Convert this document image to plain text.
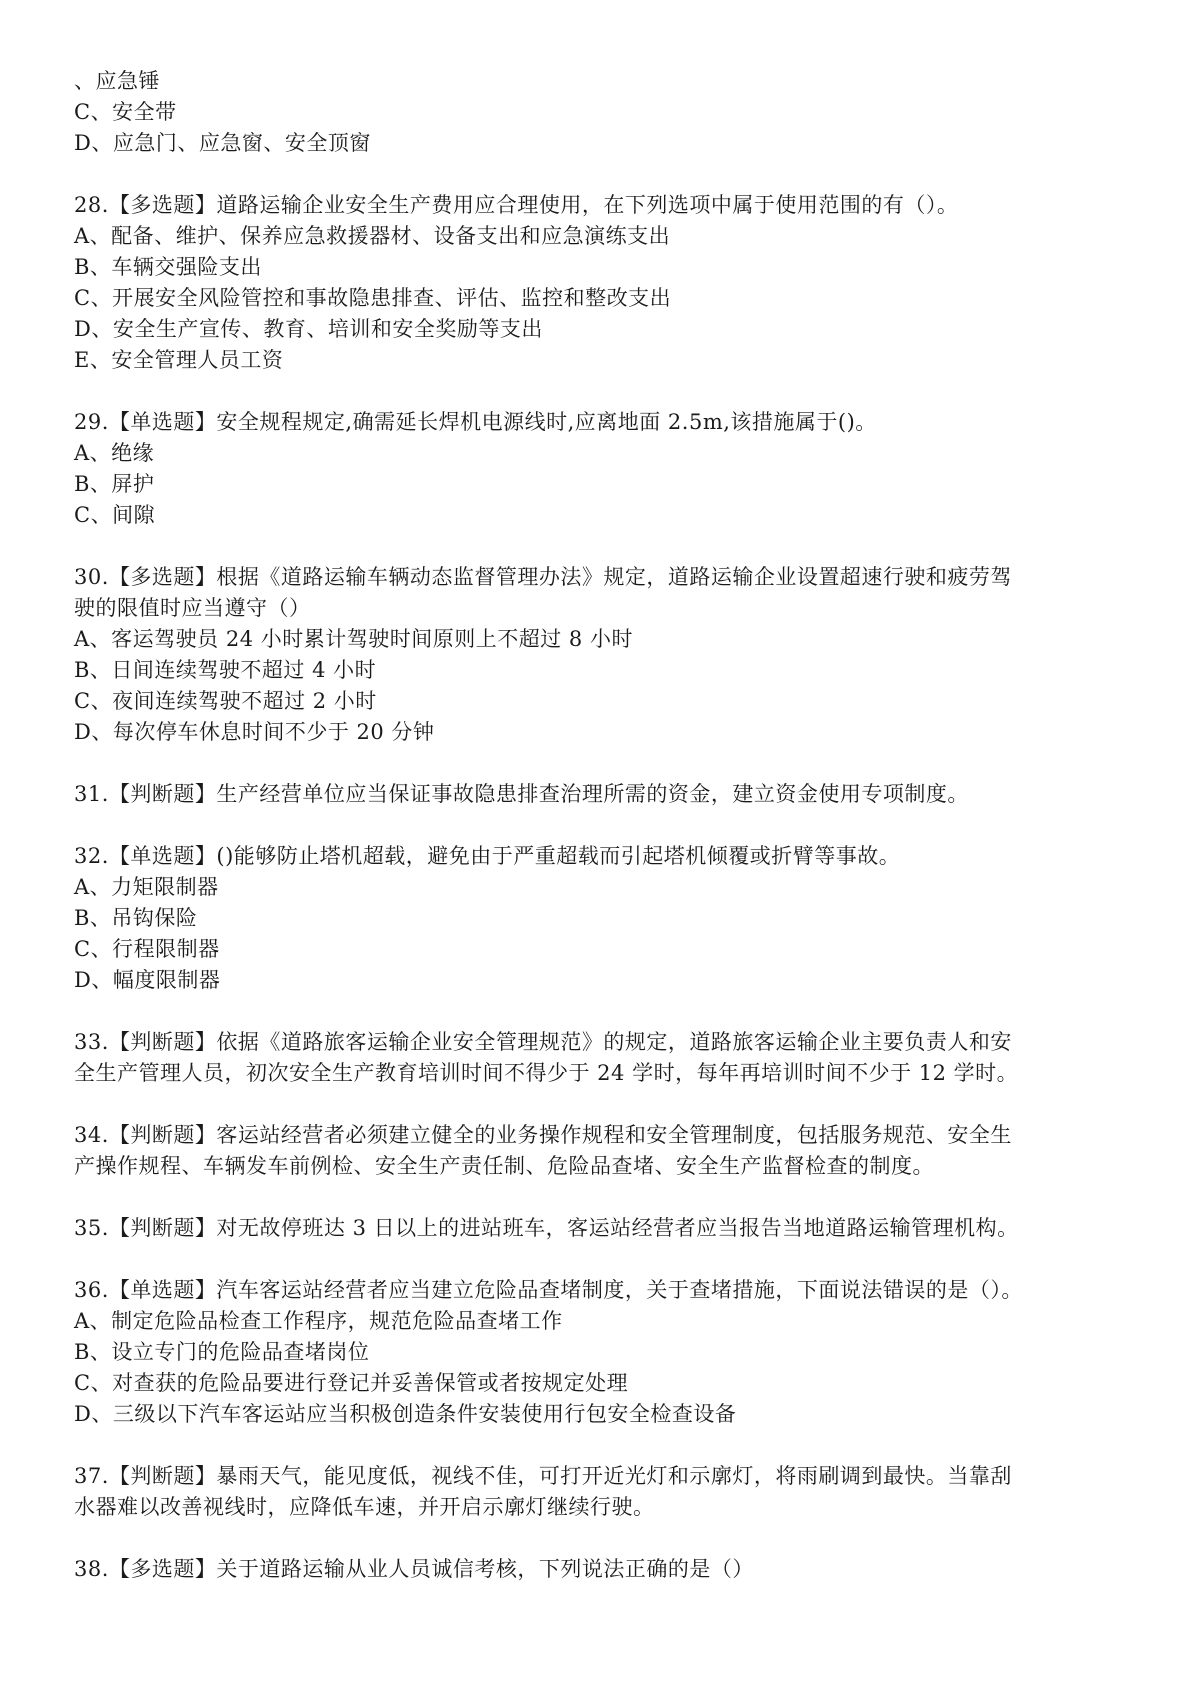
、应急锤
C、安全带
D、应急门、应急窗、安全顶窗
28.【多选题】道路运输企业安全生产费用应合理使用，在下列选项中属于使用范围的有（）。
A、配备、维护、保养应急救援器材、设备支出和应急演练支出
B、车辆交强险支出
C、开展安全风险管控和事故隐患排查、评估、监控和整改支出
D、安全生产宣传、教育、培训和安全奖励等支出
E、安全管理人员工资
29.【单选题】安全规程规定,确需延长焊机电源线时,应离地面 2.5m,该措施属于()。
A、绝缘
B、屏护
C、间隙
30.【多选题】根据《道路运输车辆动态监督管理办法》规定，道路运输企业设置超速行驶和疲劳驾
驶的限值时应当遵守（）
A、客运驾驶员 24 小时累计驾驶时间原则上不超过 8 小时
B、日间连续驾驶不超过 4 小时
C、夜间连续驾驶不超过 2 小时
D、每次停车休息时间不少于 20 分钟
31.【判断题】生产经营单位应当保证事故隐患排查治理所需的资金，建立资金使用专项制度。
32.【单选题】()能够防止塔机超载，避免由于严重超载而引起塔机倾覆或折臂等事故。
A、力矩限制器
B、吊钩保险
C、行程限制器
D、幅度限制器
33.【判断题】依据《道路旅客运输企业安全管理规范》的规定，道路旅客运输企业主要负责人和安
全生产管理人员，初次安全生产教育培训时间不得少于 24 学时，每年再培训时间不少于 12 学时。
34.【判断题】客运站经营者必须建立健全的业务操作规程和安全管理制度，包括服务规范、安全生
产操作规程、车辆发车前例检、安全生产责任制、危险品查堵、安全生产监督检查的制度。
35.【判断题】对无故停班达 3 日以上的进站班车，客运站经营者应当报告当地道路运输管理机构。
36.【单选题】汽车客运站经营者应当建立危险品查堵制度，关于查堵措施，下面说法错误的是（）。
A、制定危险品检查工作程序，规范危险品查堵工作
B、设立专门的危险品查堵岗位
C、对查获的危险品要进行登记并妥善保管或者按规定处理
D、三级以下汽车客运站应当积极创造条件安装使用行包安全检查设备
37.【判断题】暴雨天气，能见度低，视线不佳，可打开近光灯和示廓灯，将雨刷调到最快。当靠刮
水器难以改善视线时，应降低车速，并开启示廓灯继续行驶。
38.【多选题】关于道路运输从业人员诚信考核，下列说法正确的是（）
